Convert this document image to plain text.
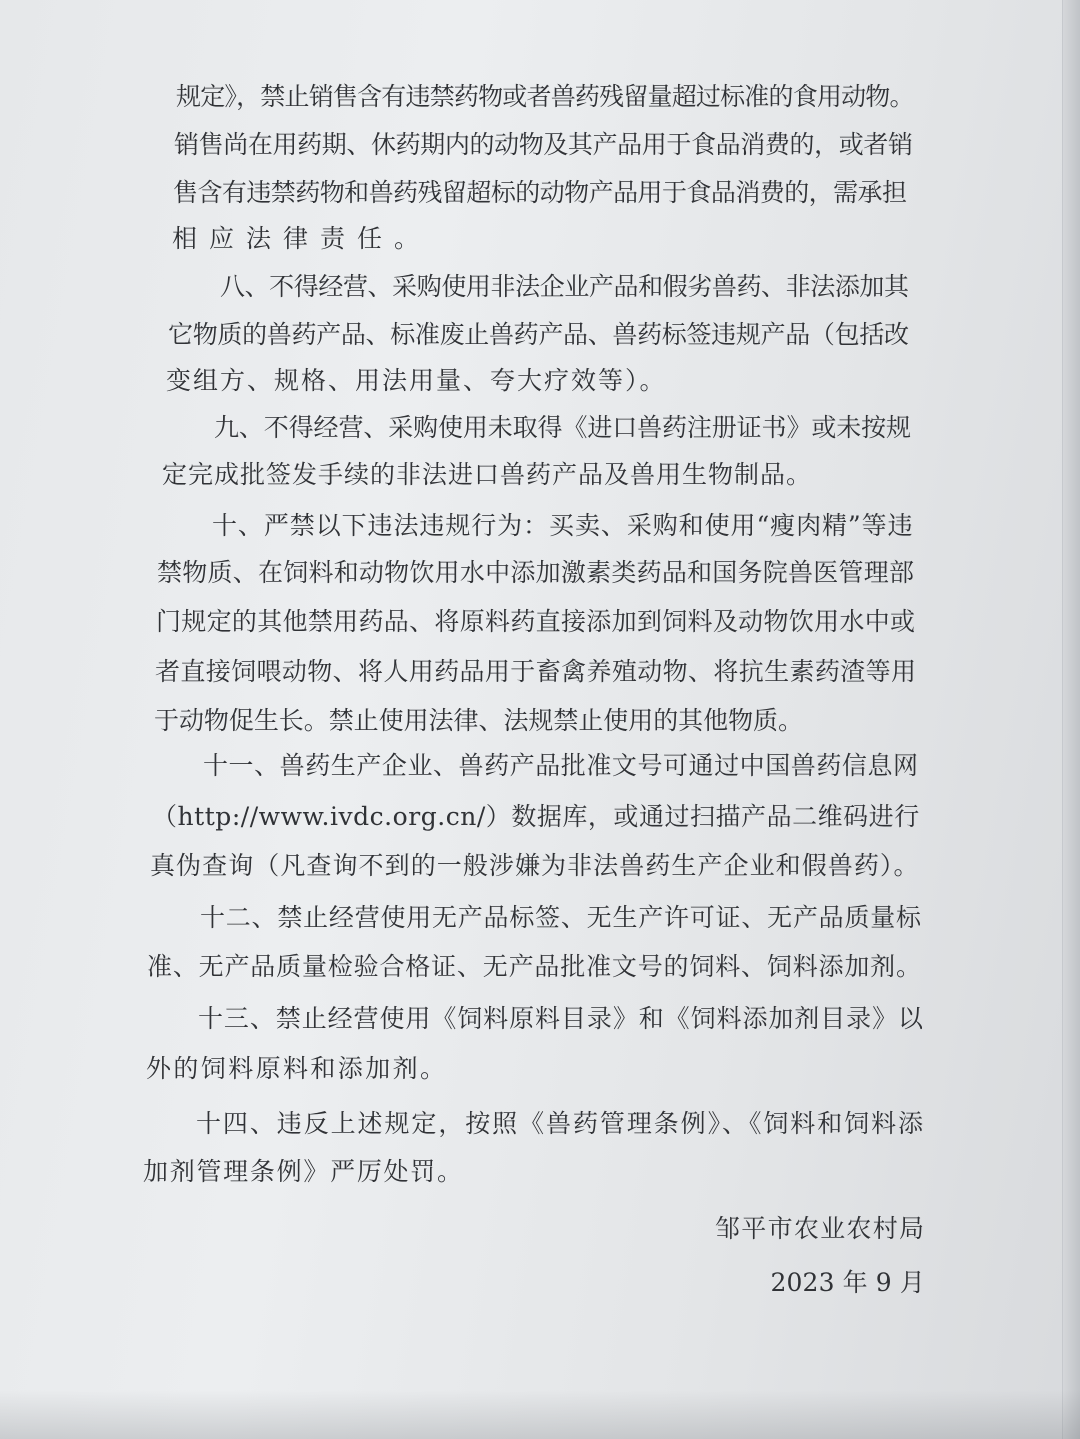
规定》，禁止销售含有违禁药物或者兽药残留量超过标准的食用动物。

销售尚在用药期、休药期内的动物及其产品用于食品消费的，或者销

售含有违禁药物和兽药残留超标的动物产品用于食品消费的，需承担

相应法律责任。

八、不得经营、采购使用非法企业产品和假劣兽药、非法添加其

它物质的兽药产品、标准废止兽药产品、兽药标签违规产品（包括改

变组方、规格、用法用量、夸大疗效等）。

九、不得经营、采购使用未取得《进口兽药注册证书》或未按规

定完成批签发手续的非法进口兽药产品及兽用生物制品。

十、严禁以下违法违规行为：买卖、采购和使用“瘦肉精”等违

禁物质、在饲料和动物饮用水中添加激素类药品和国务院兽医管理部

门规定的其他禁用药品、将原料药直接添加到饲料及动物饮用水中或

者直接饲喂动物、将人用药品用于畜禽养殖动物、将抗生素药渣等用

于动物促生长。禁止使用法律、法规禁止使用的其他物质。

十一、兽药生产企业、兽药产品批准文号可通过中国兽药信息网

（http://www.ivdc.org.cn/）数据库，或通过扫描产品二维码进行

真伪查询（凡查询不到的一般涉嫌为非法兽药生产企业和假兽药）。

十二、禁止经营使用无产品标签、无生产许可证、无产品质量标

准、无产品质量检验合格证、无产品批准文号的饲料、饲料添加剂。

十三、禁止经营使用《饲料原料目录》和《饲料添加剂目录》以

外的饲料原料和添加剂。

十四、违反上述规定，按照《兽药管理条例》、《饲料和饲料添

加剂管理条例》严厉处罚。

邹平市农业农村局

2023 年 9 月
